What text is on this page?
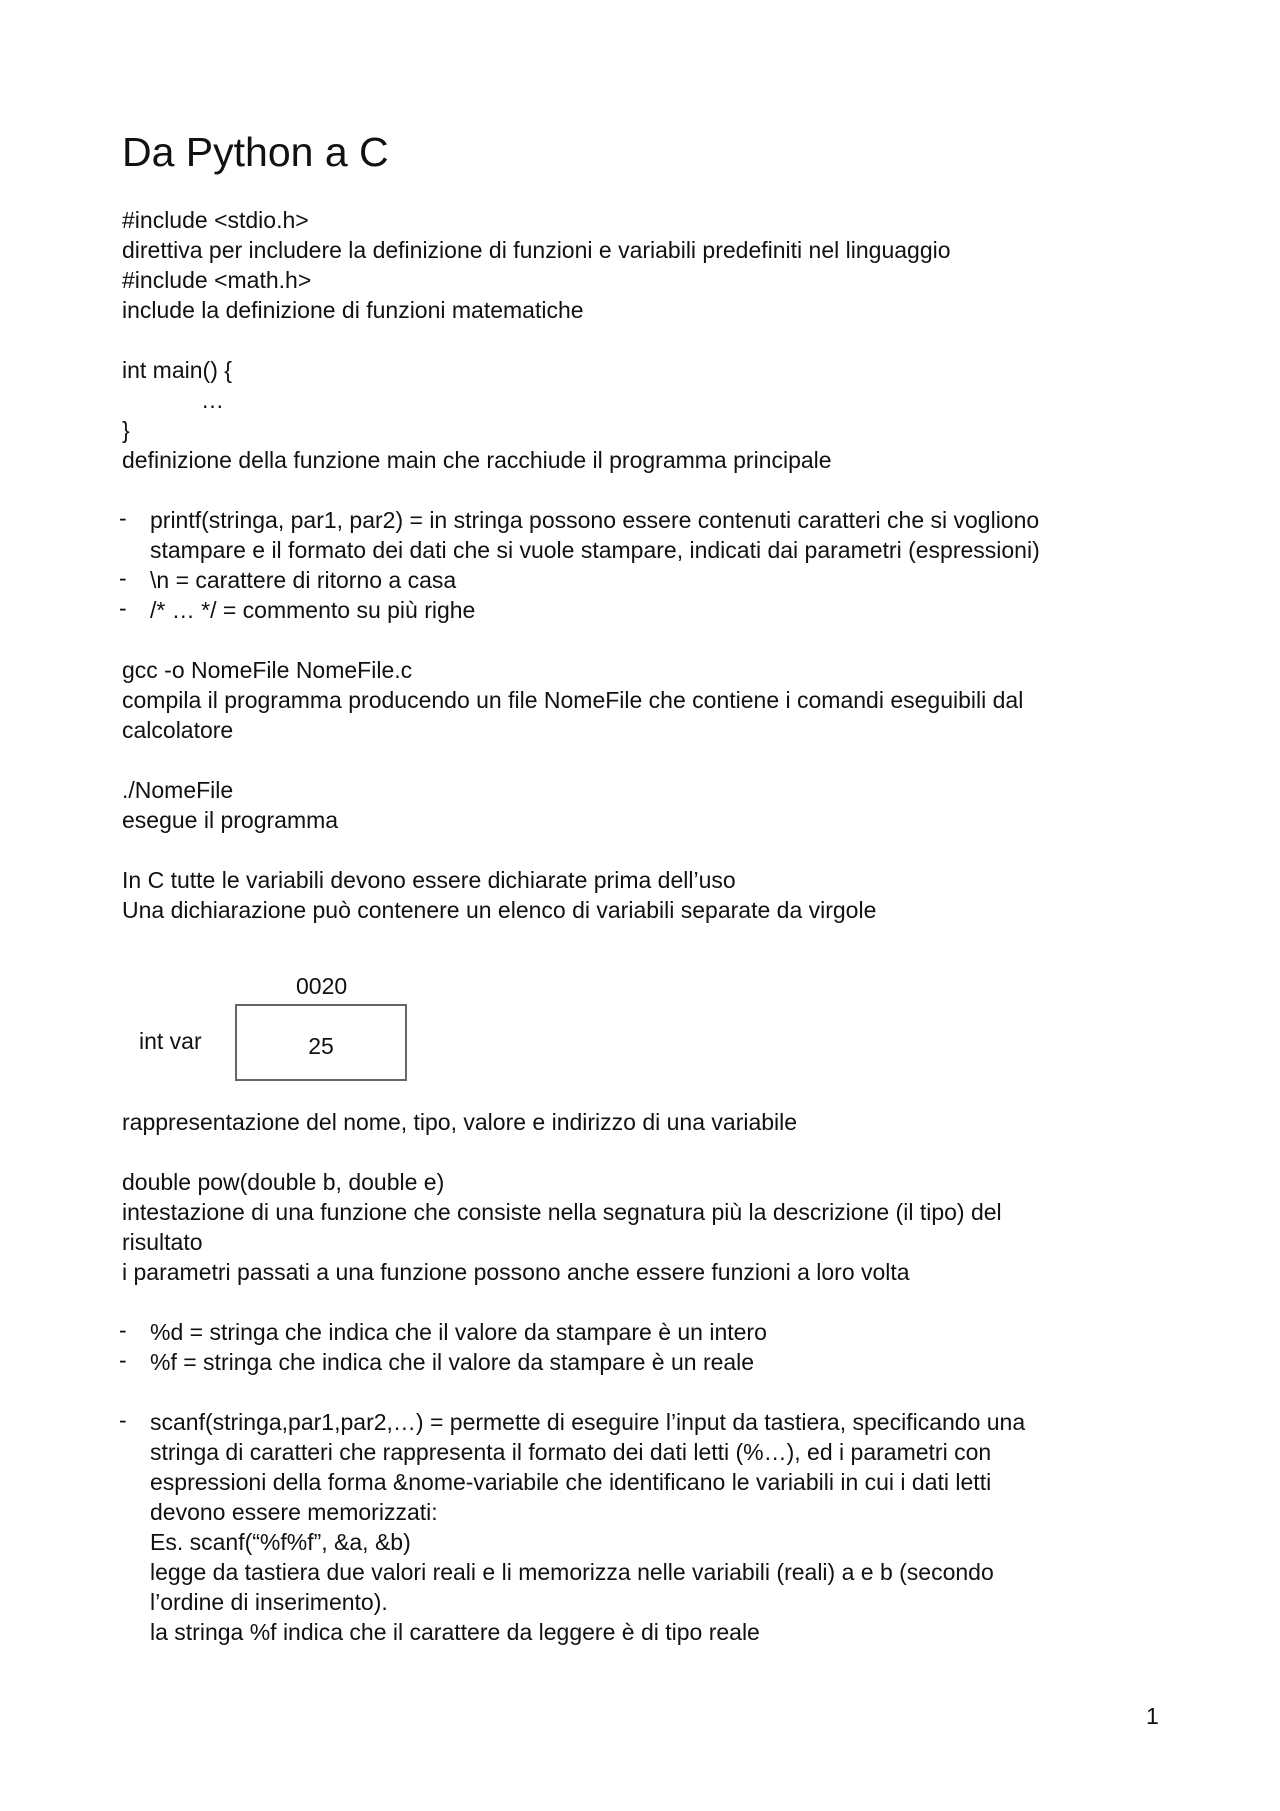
Da Python a C
#include <stdio.h>
direttiva per includere la definizione di funzioni e variabili predefiniti nel linguaggio
#include <math.h>
include la definizione di funzioni matematiche
int main() {
…
}
definizione della funzione main che racchiude il programma principale
- printf(stringa, par1, par2) = in stringa possono essere contenuti caratteri che si vogliono
stampare e il formato dei dati che si vuole stampare, indicati dai parametri (espressioni)
- \n = carattere di ritorno a casa
- /* … */ = commento su più righe
gcc -o NomeFile NomeFile.c
compila il programma producendo un file NomeFile che contiene i comandi eseguibili dal
calcolatore
./NomeFile
esegue il programma
In C tutte le variabili devono essere dichiarate prima dell’uso
Una dichiarazione può contenere un elenco di variabili separate da virgole
0020
25
int var
rappresentazione del nome, tipo, valore e indirizzo di una variabile
double pow(double b, double e)
intestazione di una funzione che consiste nella segnatura più la descrizione (il tipo) del
risultato
i parametri passati a una funzione possono anche essere funzioni a loro volta
- %d = stringa che indica che il valore da stampare è un intero
- %f = stringa che indica che il valore da stampare è un reale
- scanf(stringa,par1,par2,…) = permette di eseguire l’input da tastiera, specificando una
stringa di caratteri che rappresenta il formato dei dati letti (%…), ed i parametri con
espressioni della forma &nome-variabile che identificano le variabili in cui i dati letti
devono essere memorizzati:
Es. scanf(“%f%f”, &a, &b)
legge da tastiera due valori reali e li memorizza nelle variabili (reali) a e b (secondo
l’ordine di inserimento).
la stringa %f indica che il carattere da leggere è di tipo reale
1
